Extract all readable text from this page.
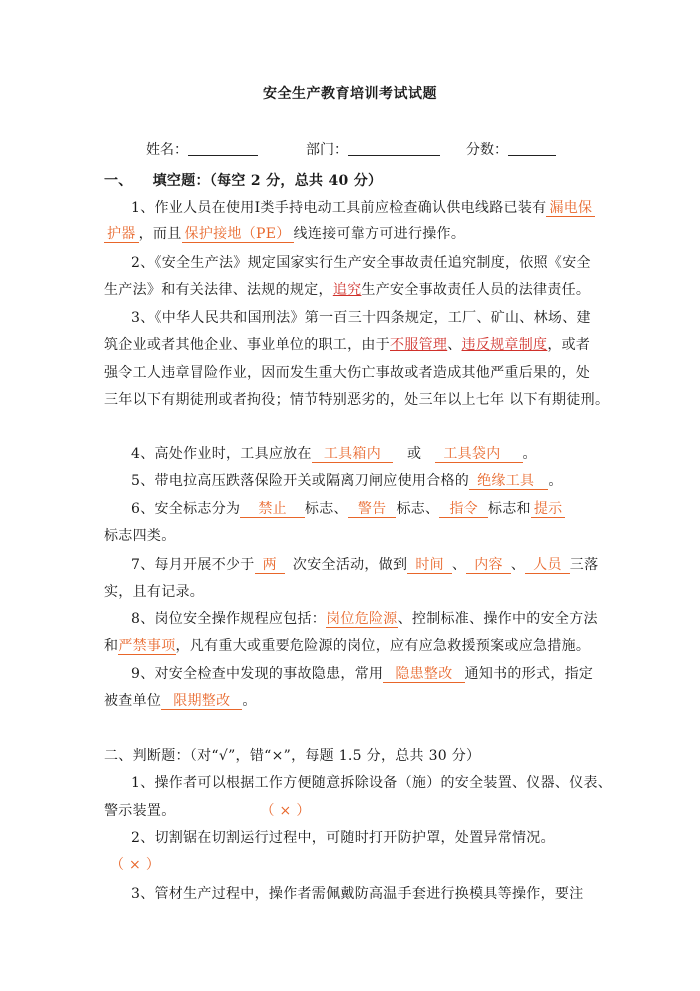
安全生产教育培训考试试题
姓名：	部门：	分数：
一、 填空题：（每空 2 分，总共 40 分）
1、作业人员在使用Ⅰ类手持电动工具前应检查确认供电线路已装有 漏电保
护器 ，而且 保护接地（PE） 线连接可靠方可进行操作。
2、《安全生产法》规定国家实行生产安全事故责任追究制度，依照《安全
生产法》和有关法律、法规的规定，追究生产安全事故责任人员的法律责任。
3、《中华人民共和国刑法》第一百三十四条规定，工厂、矿山、林场、建
筑企业或者其他企业、事业单位的职工，由于不服管理、违反规章制度，或者
强令工人违章冒险作业，因而发生重大伤亡事故或者造成其他严重后果的，处
三年以下有期徒刑或者拘役；情节特别恶劣的，处三年以上七年 以下有期徒刑。
4、高处作业时，工具应放在 工具箱内 或 工具袋内 。
5、带电拉高压跌落保险开关或隔离刀闸应使用合格的 绝缘工具 。
6、安全标志分为 禁止 标志、 警告 标志、 指令 标志和 提示
标志四类。
7、每月开展不少于 两 次安全活动，做到 时间 、 内容 、 人员 三落
实，且有记录。
8、岗位安全操作规程应包括：岗位危险源、控制标准、操作中的安全方法
和严禁事项，凡有重大或重要危险源的岗位，应有应急救援预案或应急措施。
9、对安全检查中发现的事故隐患，常用 隐患整改 通知书的形式，指定
被查单位 限期整改 。
二、判断题：（对“√”，错“×”，每题 1.5 分，总共 30 分）
1、操作者可以根据工作方便随意拆除设备（施）的安全装置、仪器、仪表、
警示装置。	（ × ）
2、切割锯在切割运行过程中，可随时打开防护罩，处置异常情况。
（ × ）
3、管材生产过程中，操作者需佩戴防高温手套进行换模具等操作，要注
